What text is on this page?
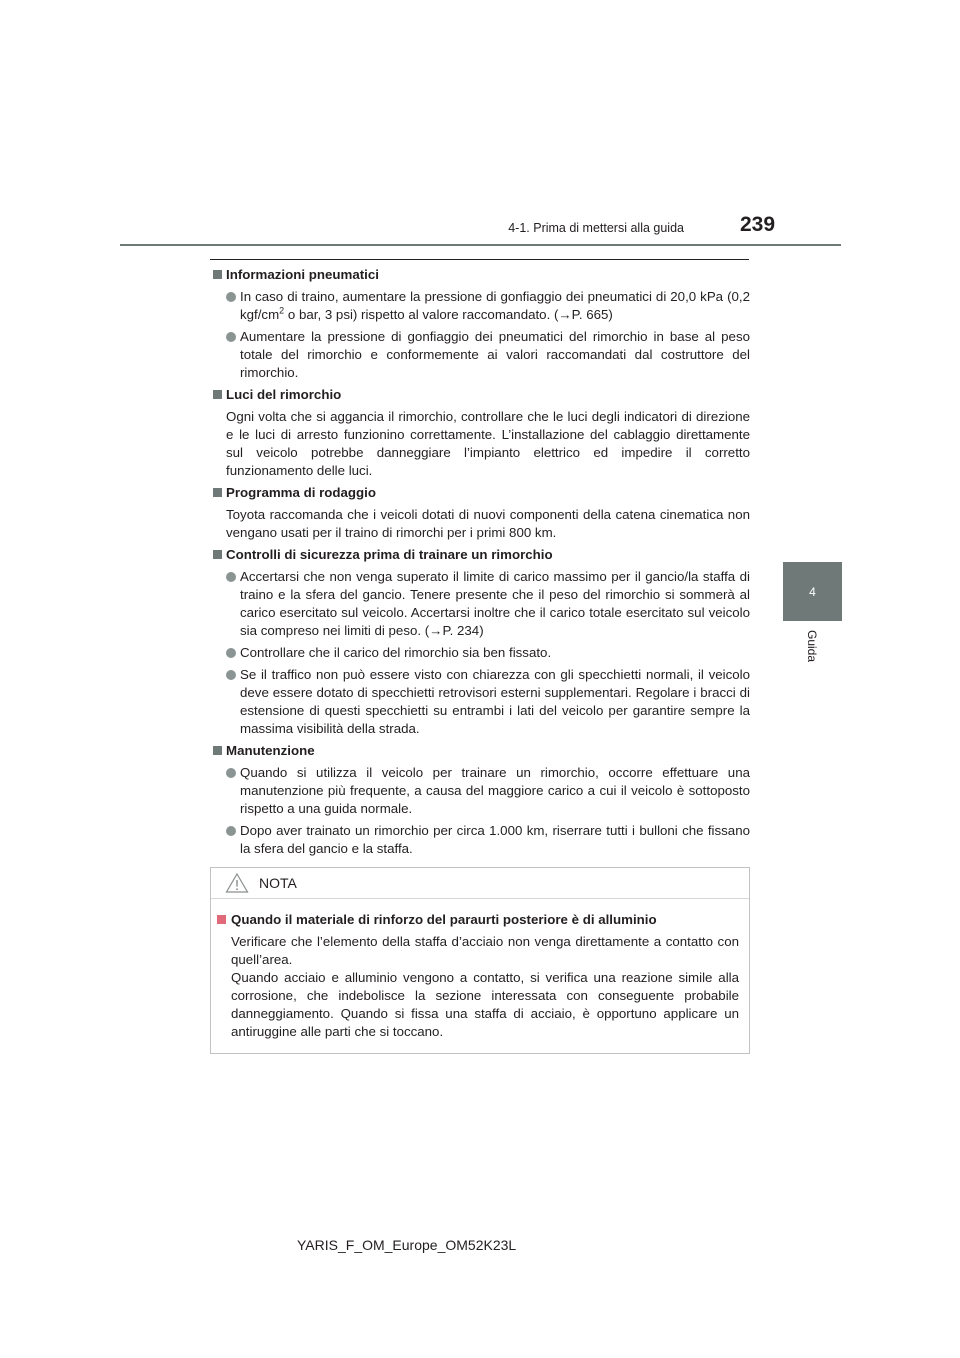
4-1. Prima di mettersi alla guida	239
4
Guida
Informazioni pneumatici
In caso di traino, aumentare la pressione di gonfiaggio dei pneumatici di 20,0 kPa (0,2 kgf/$cm^2$ o bar, 3 psi) rispetto al valore raccomandato. (→P. 665)
Aumentare la pressione di gonfiaggio dei pneumatici del rimorchio in base al peso totale del rimorchio e conformemente ai valori raccomandati dal costruttore del rimorchio.
Luci del rimorchio
Ogni volta che si aggancia il rimorchio, controllare che le luci degli indicatori di direzione e le luci di arresto funzionino correttamente. L’installazione del cablaggio direttamente sul veicolo potrebbe danneggiare l’impianto elettrico ed impedire il corretto funzionamento delle luci.
Programma di rodaggio
Toyota raccomanda che i veicoli dotati di nuovi componenti della catena cinematica non vengano usati per il traino di rimorchi per i primi 800 km.
Controlli di sicurezza prima di trainare un rimorchio
Accertarsi che non venga superato il limite di carico massimo per il gancio/la staffa di traino e la sfera del gancio. Tenere presente che il peso del rimorchio si sommerà al carico esercitato sul veicolo. Accertarsi inoltre che il carico totale esercitato sul veicolo sia compreso nei limiti di peso. (→P. 234)
Controllare che il carico del rimorchio sia ben fissato.
Se il traffico non può essere visto con chiarezza con gli specchietti normali, il veicolo deve essere dotato di specchietti retrovisori esterni supplementari. Regolare i bracci di estensione di questi specchietti su entrambi i lati del veicolo per garantire sempre la massima visibilità della strada.
Manutenzione
Quando si utilizza il veicolo per trainare un rimorchio, occorre effettuare una manutenzione più frequente, a causa del maggiore carico a cui il veicolo è sottoposto rispetto a una guida normale.
Dopo aver trainato un rimorchio per circa 1.000 km, riserrare tutti i bulloni che fissano la sfera del gancio e la staffa.
NOTA
Quando il materiale di rinforzo del paraurti posteriore è di alluminio
Verificare che l’elemento della staffa d’acciaio non venga direttamente a contatto con quell’area.
Quando acciaio e alluminio vengono a contatto, si verifica una reazione simile alla corrosione, che indebolisce la sezione interessata con conseguente probabile danneggiamento. Quando si fissa una staffa di acciaio, è opportuno applicare un antiruggine alle parti che si toccano.
YARIS_F_OM_Europe_OM52K23L
